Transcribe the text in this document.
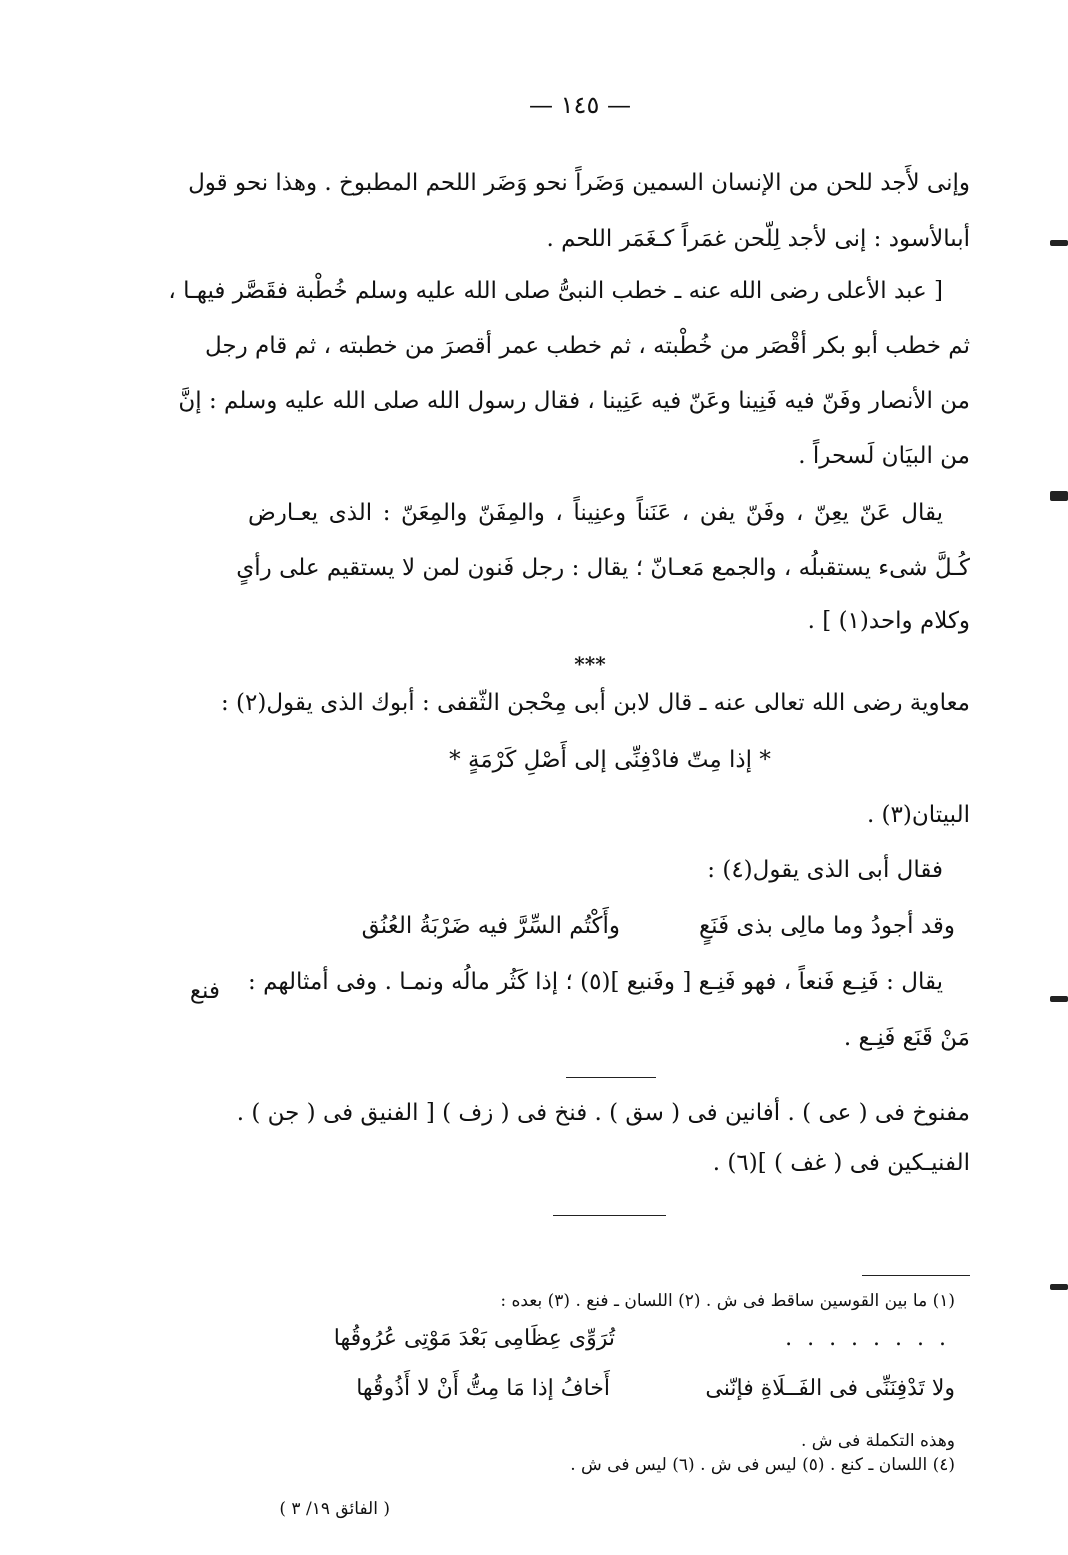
— ١٤٥ —
وإنى لأَجد للحن من الإنسان السمين وَضَراً نحو وَضَر اللحم المطبوخ . وهذا نحو قول
أبىالأسود : إنى لأجد لِلّحن غمَراً كـغَمَر اللحم .
[ عبد الأعلى رضى الله عنه ـ خطب النبىُّ صلى الله عليه وسلم خُطْبة فقَصَّر فيهـا ،
ثم خطب أبو بكر أقْصَر من خُطْبته ، ثم خطب عمر أقصرَ من خطبته ، ثم قام رجل
من الأنصار وفَنّ فيه فَنِينا وعَنّ فيه عَنِينا ، فقال رسول الله صلى الله عليه وسلم : إنَّ
من البيَان لَسحراً .
يقال عَنّ يعِنّ ، وفَنّ يفن ، عَنَناً وعنِيناً ، والمِفَنّ والمِعَنّ : الذى يعـارض
كُـلَّ شىء يستقبلُه ، والجمع مَعـانّ ؛ يقال : رجل فَنون لمن لا يستقيم على رأىٍ
وكلام واحد(١) ] .
***
معاوية رضى الله تعالى عنه ـ قال لابن أبى مِحْجن الثّقفى : أبوك الذى يقول(٢) :
* إذا مِتّ فادْفِنِّى إلى أَصْلِ كَرْمَةٍ *
البيتان(٣) .
فقال أبى الذى يقول(٤) :
وقد أجودُ وما مالِى بذى فَنَعٍ
وأَكْتُم السِّرَّ فيه ضَرْبَةُ العُنُق
يقال : فَنِـع فَنعاً ، فهو فَنِـع [ وفَنيع ](٥) ؛ إذا كَثُر مالُه ونمـا . وفى أمثالهم :
مَنْ قَنَع فَنِـع .
فنع
مفنوخ فى ( عى ) . أفانين فى ( سق ) . فنخ فى ( زف ) [ الفنيق فى ( جن ) .
الفنيـكين فى ( غف ) ](٦) .
(١) ما بين القوسين ساقط فى ش . (٢) اللسان ـ فنع . (٣) بعده :
. . . . . . . .
تُرَوِّى عِظَامِى بَعْدَ مَوْتِى عُرُوقُها
ولا تَدْفِنَنِّى فى الفَــلَاةِ فإنّنى
أَخافُ إذا مَا مِتُّ أَنْ لا أَذُوقُها
وهذه التكملة فى ش .
(٤) اللسان ـ كنع . (٥) ليس فى ش . (٦) ليس فى ش .
( الفائق ١٩/ ٣ )
